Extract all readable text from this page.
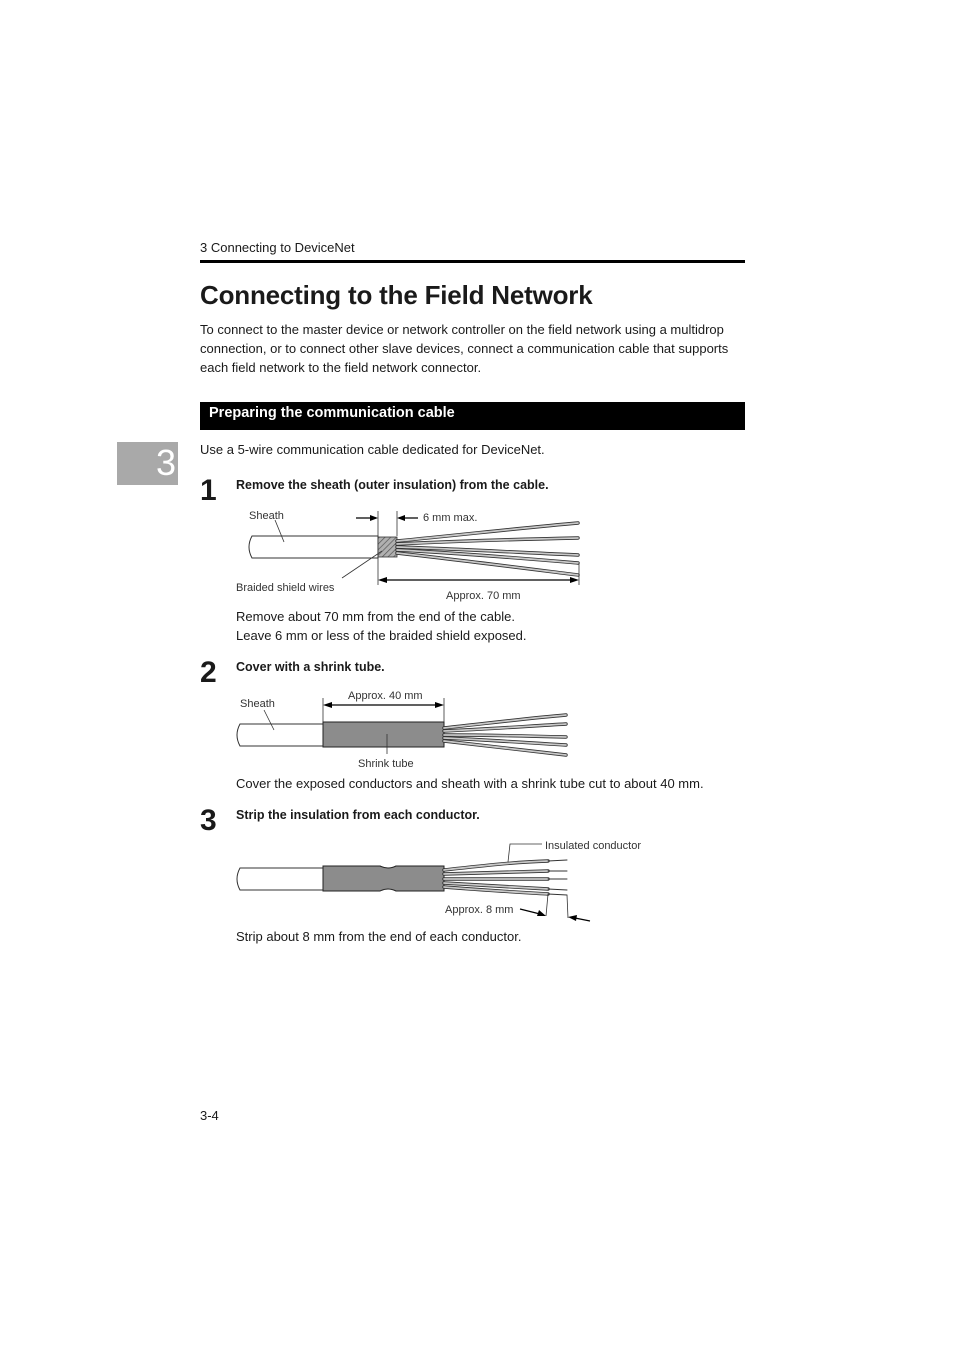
3 Connecting to DeviceNet
Connecting to the Field Network

To connect to the master device or network controller on the field network using a multidrop connection, or to connect other slave devices, connect a communication cable that supports each field network to the field network connector.

Preparing the communication cable
3 Use a 5-wire communication cable dedicated for DeviceNet.
1 Remove the sheath (outer insulation) from the cable.
Sheath	6 mm max.
Braided shield wires
Approx. 70 mm

Remove about 70 mm from the end of the cable.

Leave 6 mm or less of the braided shield exposed.

2 Cover with a shrink tube.
Sheath
Approx. 40 mm
Shrink tube

Cover the exposed conductors and sheath with a shrink tube cut to about 40 mm.

3 Strip the insulation from each conductor.
Insulated conductor
Approx. 8 mm

Strip about 8 mm from the end of each conductor.

3-4
